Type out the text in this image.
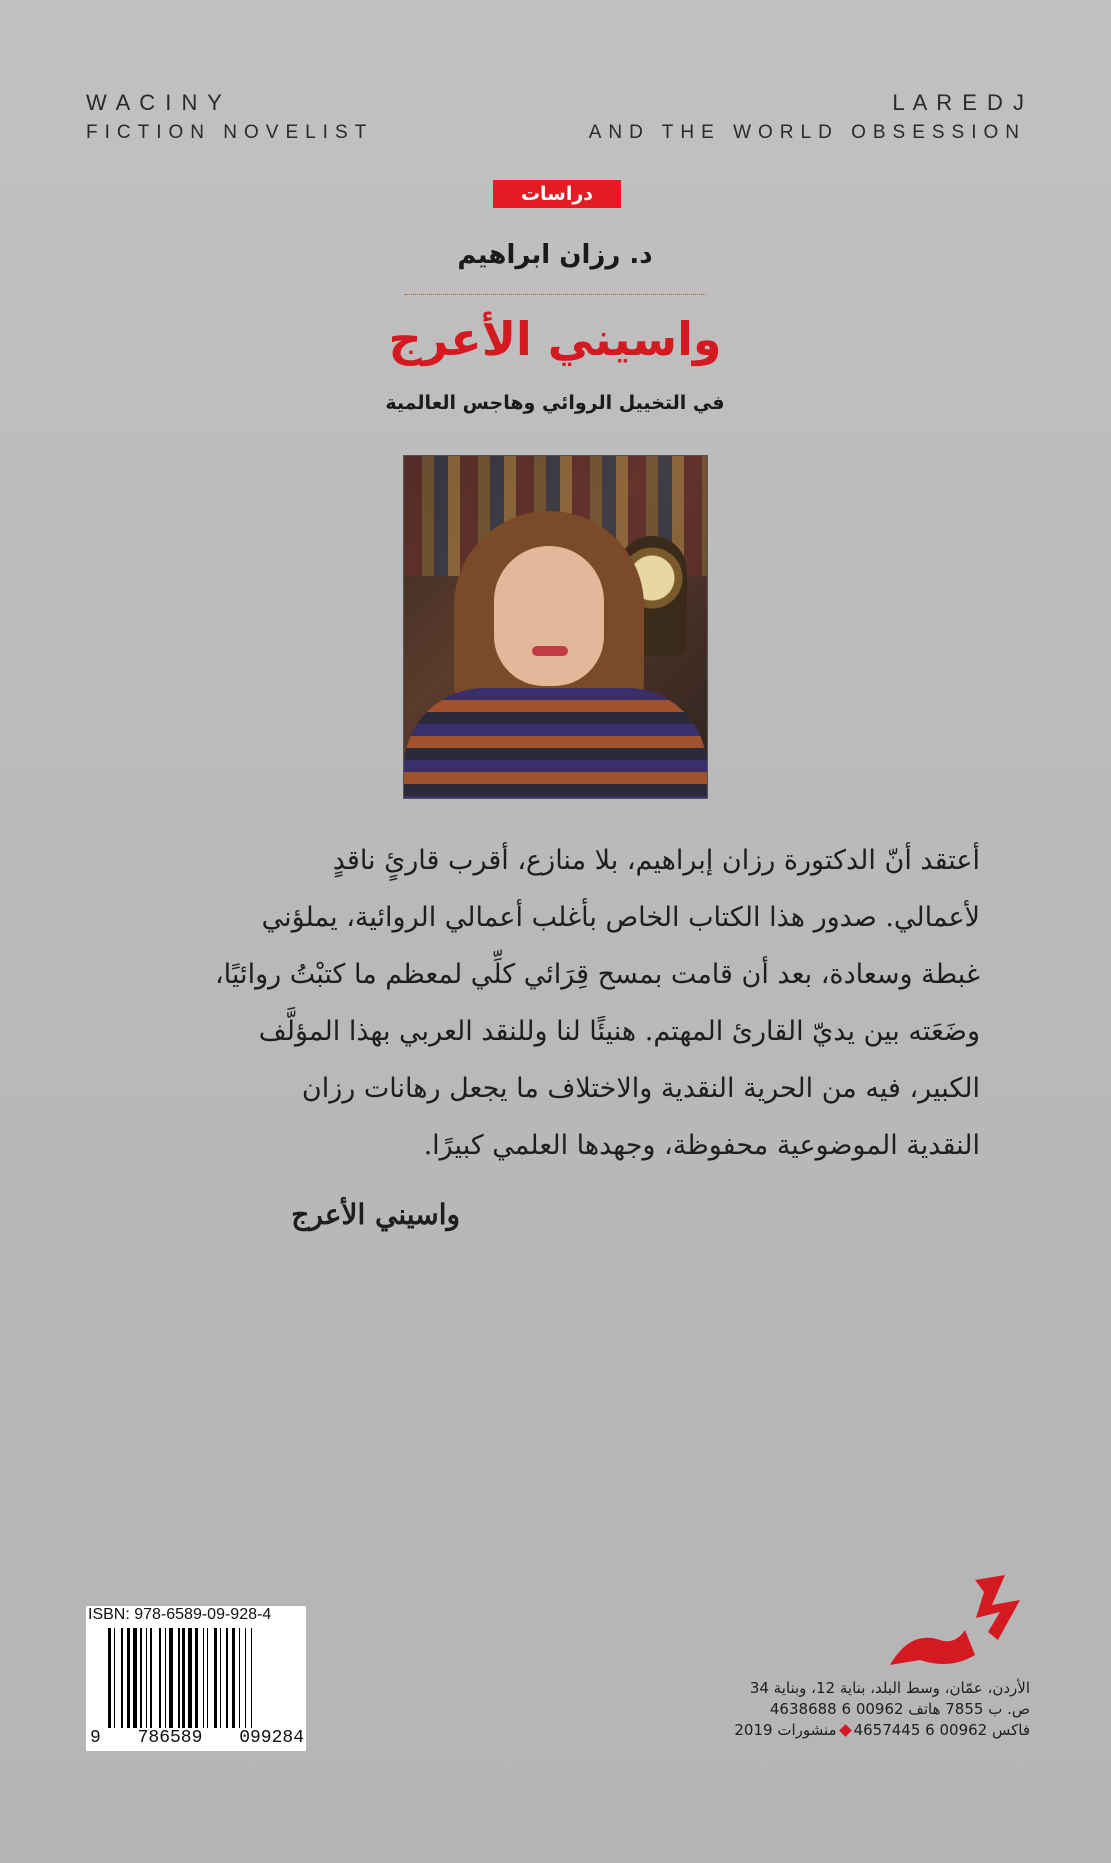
W A C I N Y	L A R E D J
FICTION NOVELIST	AND THE WORLD OBSESSION
دراسات
د. رزان ابراهيم
واسيني الأعرج
في التخييل الروائي وهاجس العالمية

أعتقد أنّ الدكتورة رزان إبراهيم، بلا منازع، أقرب قارئٍ ناقدٍ

لأعمالي. صدور هذا الكتاب الخاص بأغلب أعمالي الروائية، يملؤني

غبطة وسعادة، بعد أن قامت بمسح قِرَائي كلِّي لمعظم ما كتبْتُ روائيًا،

وضَعَته بين يديّ القارئ المهتم. هنيئًا لنا وللنقد العربي بهذا المؤلَّف

الكبير، فيه من الحرية النقدية والاختلاف ما يجعل رهانات رزان

النقدية الموضوعية محفوظة، وجهدها العلمي كبيرًا.

واسيني الأعرج
ISBN: 978-6589-09-928-4
9 786589 099284

الأردن، عمّان، وسط البلد، بناية 12، وبناية 34

ص. ب 7855 هاتف 00962 6 4638688

فاكس 00962 6 4657445منشورات 2019
